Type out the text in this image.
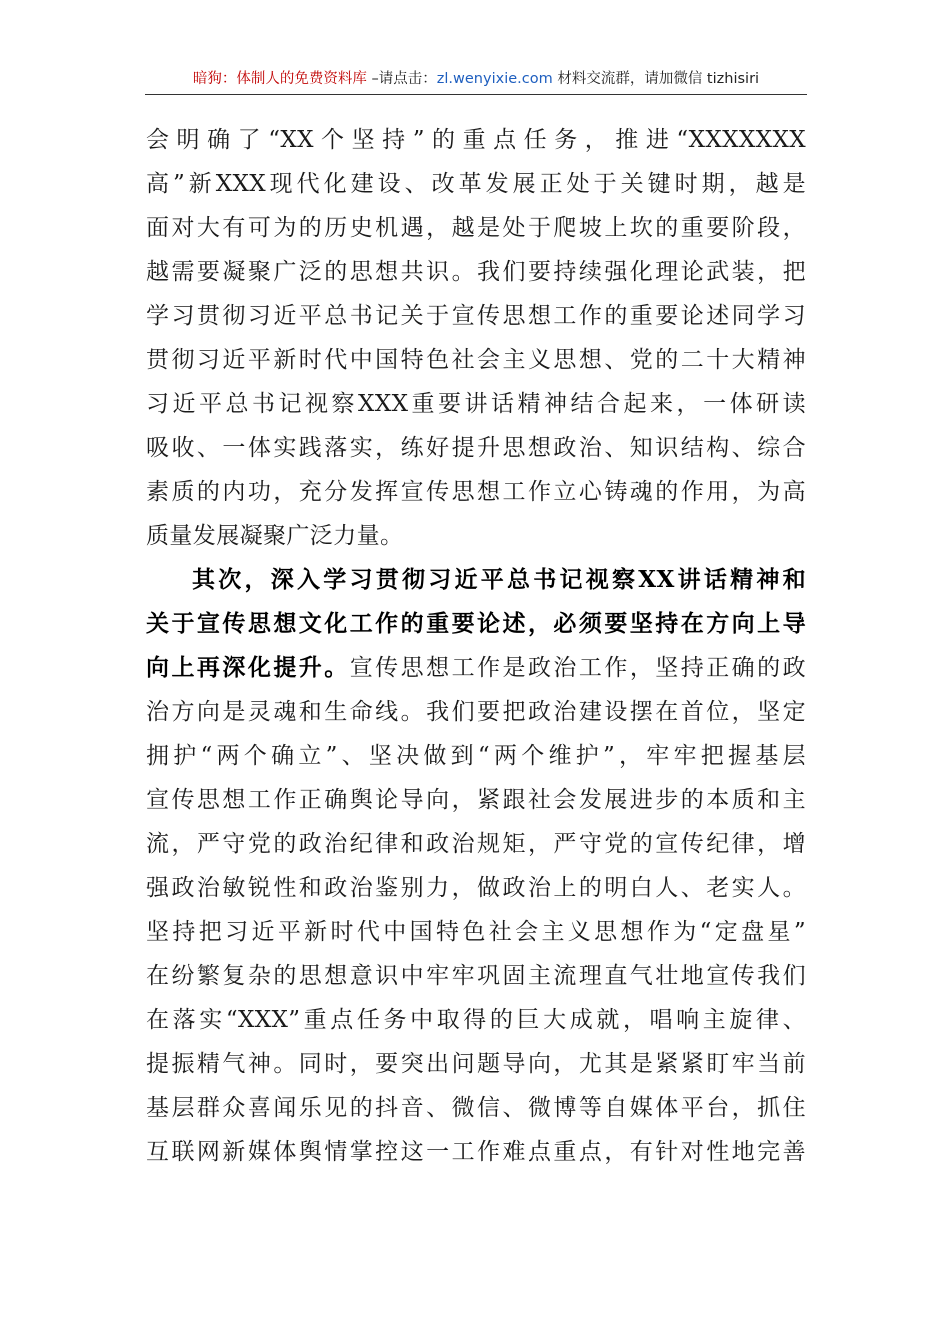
暗狗：体制人的免费资料库 –请点击：zl.wenyixie.com 材料交流群，请加微信 tizhisiri
会明确了“XX个坚持”的重点任务，推进“XXXXXXX
高”新XXX现代化建设、改革发展正处于关键时期，越是
面对大有可为的历史机遇，越是处于爬坡上坎的重要阶段，
越需要凝聚广泛的思想共识。我们要持续强化理论武装，把
学习贯彻习近平总书记关于宣传思想工作的重要论述同学习
贯彻习近平新时代中国特色社会主义思想、党的二十大精神
习近平总书记视察XXX重要讲话精神结合起来，一体研读
吸收、一体实践落实，练好提升思想政治、知识结构、综合
素质的内功，充分发挥宣传思想工作立心铸魂的作用，为高
质量发展凝聚广泛力量。
其次，深入学习贯彻习近平总书记视察XX讲话精神和
关于宣传思想文化工作的重要论述，必须要坚持在方向上导
向上再深化提升。宣传思想工作是政治工作，坚持正确的政
治方向是灵魂和生命线。我们要把政治建设摆在首位，坚定
拥护“两个确立”、坚决做到“两个维护”，牢牢把握基层
宣传思想工作正确舆论导向，紧跟社会发展进步的本质和主
流，严守党的政治纪律和政治规矩，严守党的宣传纪律，增
强政治敏锐性和政治鉴别力，做政治上的明白人、老实人。
坚持把习近平新时代中国特色社会主义思想作为“定盘星”
在纷繁复杂的思想意识中牢牢巩固主流理直气壮地宣传我们
在落实“XXX”重点任务中取得的巨大成就，唱响主旋律、
提振精气神。同时，要突出问题导向，尤其是紧紧盯牢当前
基层群众喜闻乐见的抖音、微信、微博等自媒体平台，抓住
互联网新媒体舆情掌控这一工作难点重点，有针对性地完善
